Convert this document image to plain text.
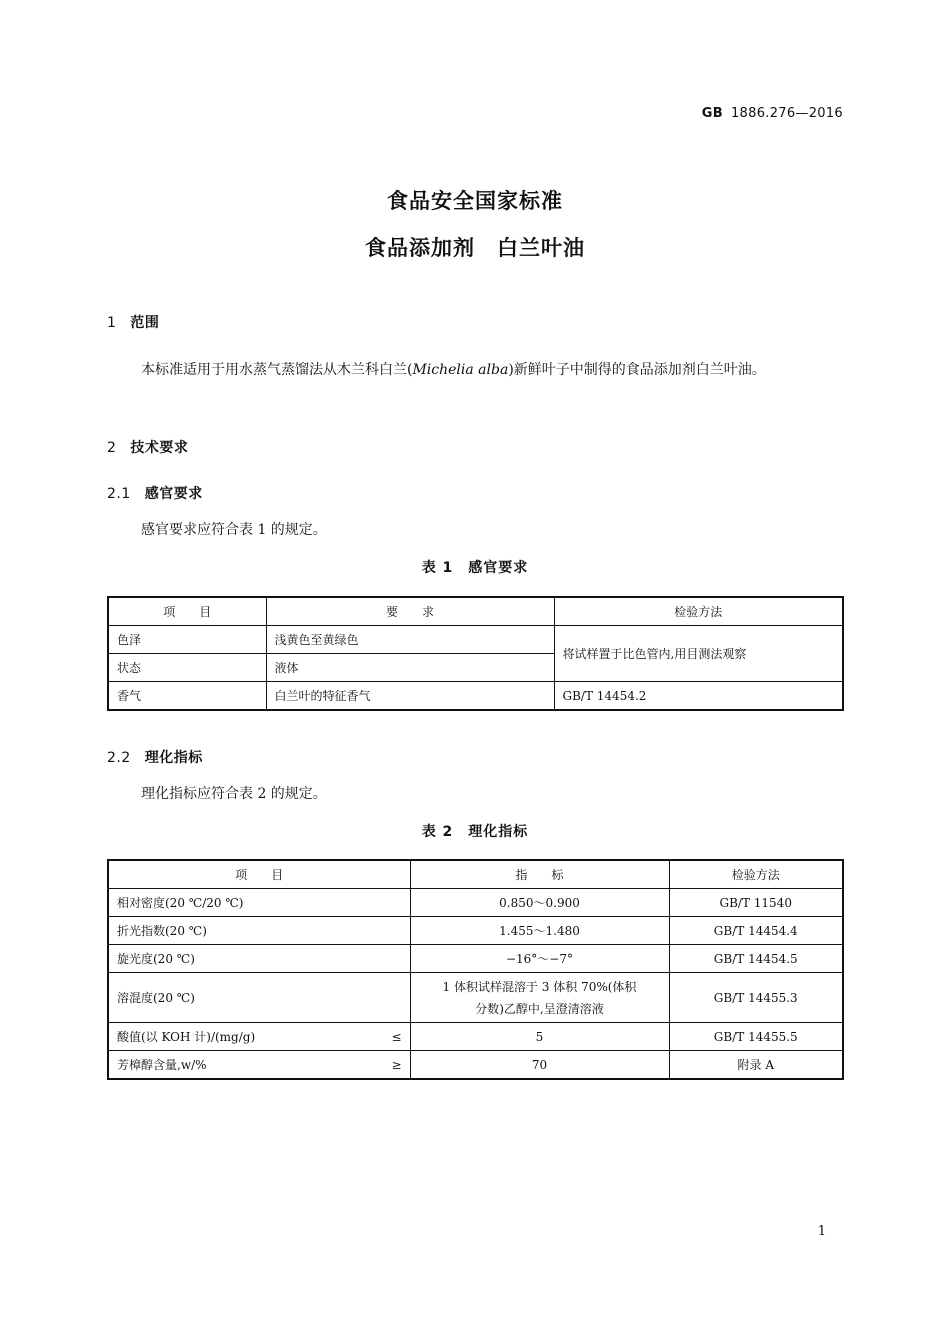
GB 1886.276—2016
食品安全国家标准
食品添加剂　白兰叶油
1 范围
本标准适用于用水蒸气蒸馏法从木兰科白兰(Michelia alba)新鲜叶子中制得的食品添加剂白兰叶油。
2 技术要求
2.1 感官要求
感官要求应符合表 1 的规定。
表 1　感官要求
项　　目	要　　求	检验方法
色泽	浅黄色至黄绿色	将试样置于比色管内,用目测法观察
状态	液体	
香气	白兰叶的特征香气	GB/T 14454.2
2.2 理化指标
理化指标应符合表 2 的规定。
表 2　理化指标
项　　目	指　　标	检验方法
相对密度(20 ℃/20 ℃)	0.850～0.900	GB/T 11540
折光指数(20 ℃)	1.455～1.480	GB/T 14454.4
旋光度(20 ℃)	−16°～−7°	GB/T 14454.5
溶混度(20 ℃)	1 体积试样混溶于 3 体积 70%(体积
分数)乙醇中,呈澄清溶液	GB/T 14455.3

酸值(以 KOH 计)/(mg/g) ≤	5	GB/T 14455.5

芳樟醇含量,w/% ≥	70	附录 A
1
